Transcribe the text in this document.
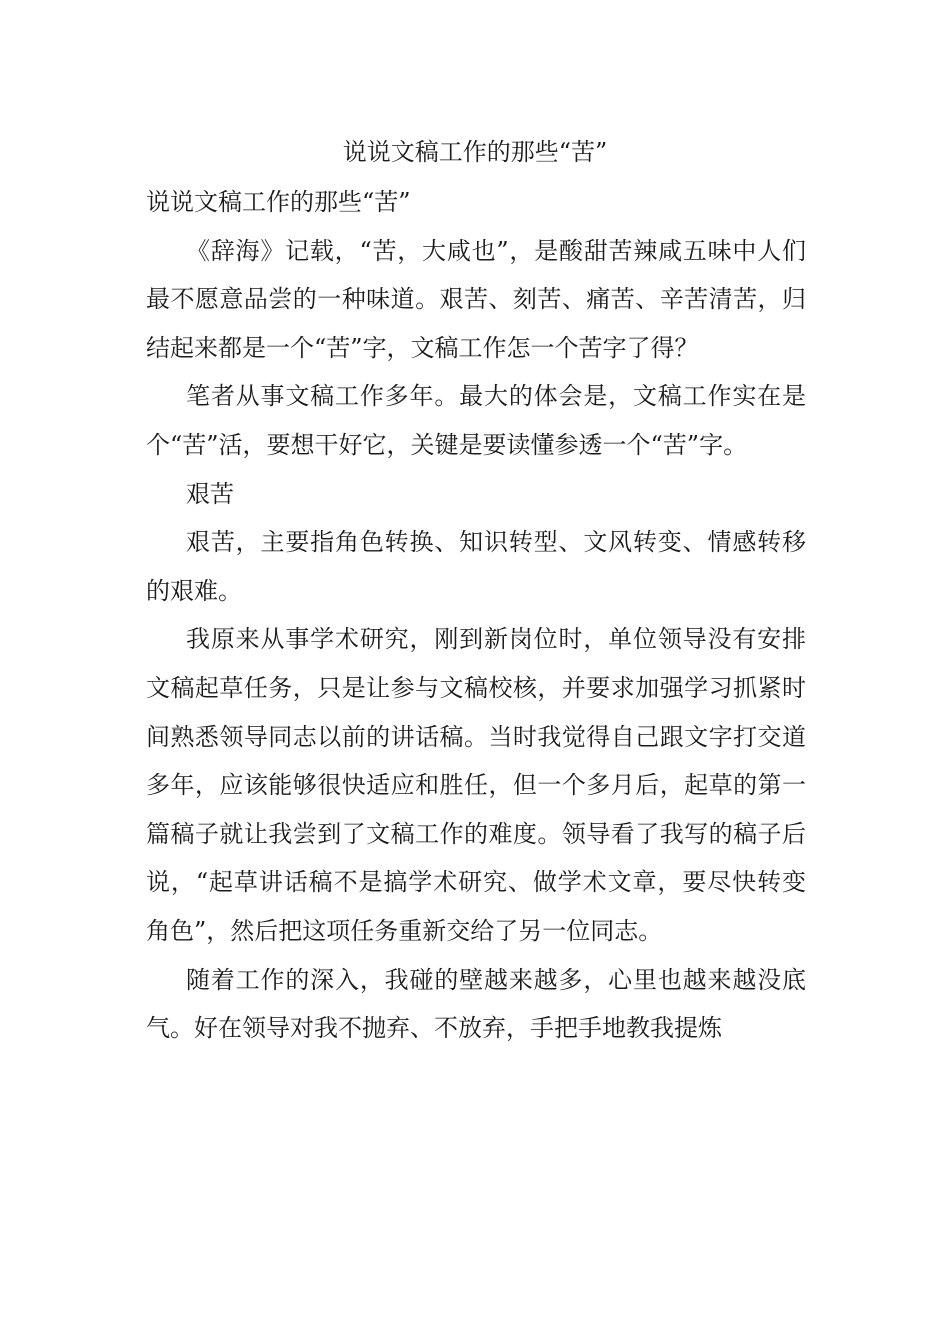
说说文稿工作的那些“苦”

说说文稿工作的那些“苦”

《辞海》记载，“苦，大咸也”，是酸甜苦辣咸五味中人们最不愿意品尝的一种味道。艰苦、刻苦、痛苦、辛苦清苦，归结起来都是一个“苦”字，文稿工作怎一个苦字了得？

笔者从事文稿工作多年。最大的体会是，文稿工作实在是个“苦”活，要想干好它，关键是要读懂参透一个“苦”字。

艰苦

艰苦，主要指角色转换、知识转型、文风转变、情感转移的艰难。

我原来从事学术研究，刚到新岗位时，单位领导没有安排文稿起草任务，只是让参与文稿校核，并要求加强学习抓紧时间熟悉领导同志以前的讲话稿。当时我觉得自己跟文字打交道多年，应该能够很快适应和胜任，但一个多月后，起草的第一篇稿子就让我尝到了文稿工作的难度。领导看了我写的稿子后说，“起草讲话稿不是搞学术研究、做学术文章，要尽快转变角色”，然后把这项任务重新交给了另一位同志。

随着工作的深入，我碰的壁越来越多，心里也越来越没底气。好在领导对我不抛弃、不放弃，手把手地教我提炼
